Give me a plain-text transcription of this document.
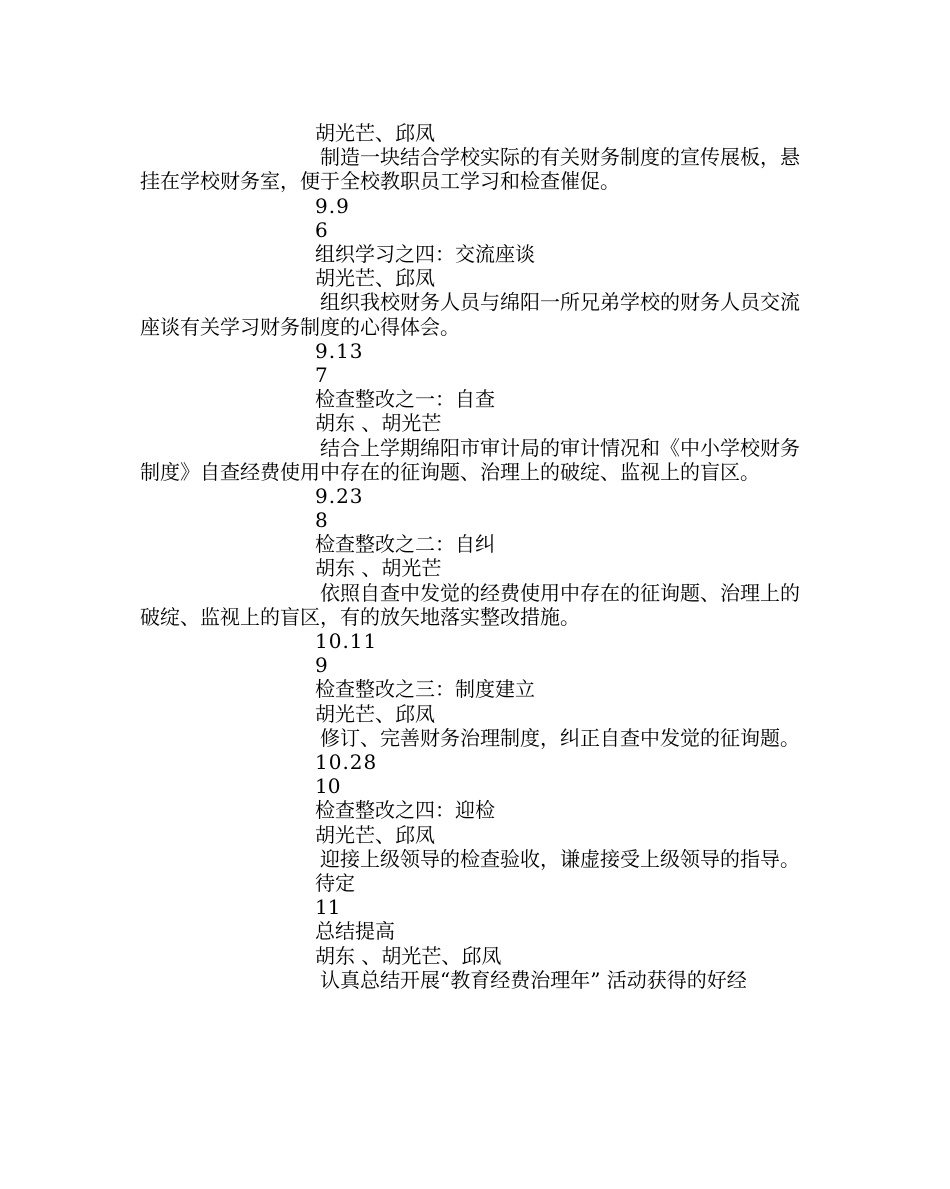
胡光芒、邱凤
制造一块结合学校实际的有关财务制度的宣传展板，悬挂在学校财务室，便于全校教职员工学习和检查催促。
9.9
6
组织学习之四：交流座谈
胡光芒、邱凤
组织我校财务人员与绵阳一所兄弟学校的财务人员交流座谈有关学习财务制度的心得体会。
9.13
7
检查整改之一：自查
胡东 、胡光芒
结合上学期绵阳市审计局的审计情况和《中小学校财务制度》自查经费使用中存在的征询题、治理上的破绽、监视上的盲区。
9.23
8
检查整改之二：自纠
胡东 、胡光芒
依照自查中发觉的经费使用中存在的征询题、治理上的破绽、监视上的盲区，有的放矢地落实整改措施。
10.11
9
检查整改之三：制度建立
胡光芒、邱凤
修订、完善财务治理制度，纠正自查中发觉的征询题。
10.28
10
检查整改之四：迎检
胡光芒、邱凤
迎接上级领导的检查验收，谦虚接受上级领导的指导。
待定
11
总结提高
胡东 、胡光芒、邱凤
认真总结开展“教育经费治理年” 活动获得的好经
